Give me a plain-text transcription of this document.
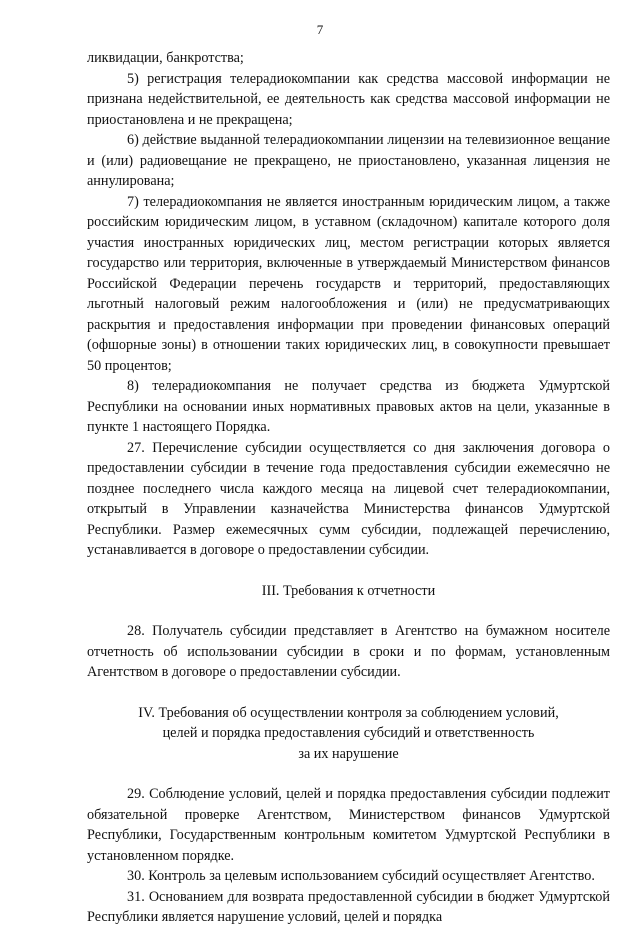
7

ликвидации, банкротства;

5) регистрация телерадиокомпании как средства массовой информации не признана недействительной, ее деятельность как средства массовой информации не приостановлена и не прекращена;

6) действие выданной телерадиокомпании лицензии на телевизионное вещание и (или) радиовещание не прекращено, не приостановлено, указанная лицензия не аннулирована;

7) телерадиокомпания не является иностранным юридическим лицом, а также российским юридическим лицом, в уставном (складочном) капитале которого доля участия иностранных юридических лиц, местом регистрации которых является государство или территория, включенные в утверждаемый Министерством финансов Российской Федерации перечень государств и территорий, предоставляющих льготный налоговый режим налогообложения и (или) не предусматривающих раскрытия и предоставления информации при проведении финансовых операций (офшорные зоны) в отношении таких юридических лиц, в совокупности превышает 50 процентов;

8) телерадиокомпания не получает средства из бюджета Удмуртской Республики на основании иных нормативных правовых актов на цели, указанные в пункте 1 настоящего Порядка.

27. Перечисление субсидии осуществляется со дня заключения договора о предоставлении субсидии в течение года предоставления субсидии ежемесячно не позднее последнего числа каждого месяца на лицевой счет телерадиокомпании, открытый в Управлении казначейства Министерства финансов Удмуртской Республики. Размер ежемесячных сумм субсидии, подлежащей перечислению, устанавливается в договоре о предоставлении субсидии.

III. Требования к отчетности

28. Получатель субсидии представляет в Агентство на бумажном носителе отчетность об использовании субсидии в сроки и по формам, установленным Агентством в договоре о предоставлении субсидии.

IV. Требования об осуществлении контроля за соблюдением условий,
целей и порядка предоставления субсидий и ответственность
за их нарушение

29. Соблюдение условий, целей и порядка предоставления субсидии подлежит обязательной проверке Агентством, Министерством финансов Удмуртской Республики, Государственным контрольным комитетом Удмуртской Республики в установленном порядке.

30. Контроль за целевым использованием субсидий осуществляет Агентство.

31. Основанием для возврата предоставленной субсидии в бюджет Удмуртской Республики является нарушение условий, целей и порядка
